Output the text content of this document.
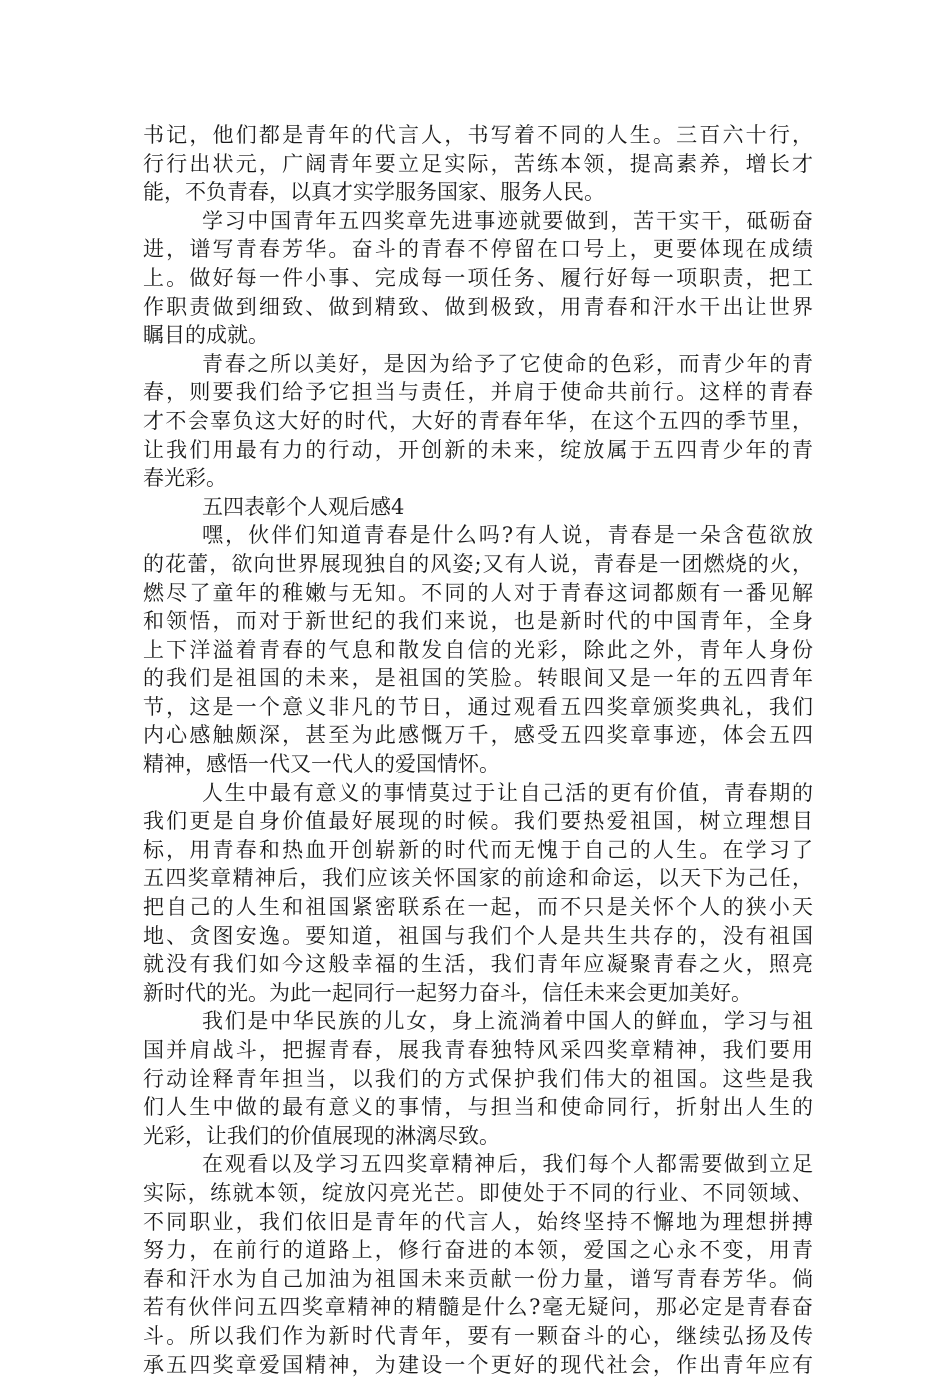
书记，他们都是青年的代言人，书写着不同的人生。三百六十行，
行行出状元，广阔青年要立足实际，苦练本领，提高素养，增长才
能，不负青春，以真才实学服务国家、服务人民。
学习中国青年五四奖章先进事迹就要做到，苦干实干，砥砺奋
进，谱写青春芳华。奋斗的青春不停留在口号上，更要体现在成绩
上。做好每一件小事、完成每一项任务、履行好每一项职责，把工
作职责做到细致、做到精致、做到极致，用青春和汗水干出让世界
瞩目的成就。
青春之所以美好，是因为给予了它使命的色彩，而青少年的青
春，则要我们给予它担当与责任，并肩于使命共前行。这样的青春
才不会辜负这大好的时代，大好的青春年华，在这个五四的季节里，
让我们用最有力的行动，开创新的未来，绽放属于五四青少年的青
春光彩。
五四表彰个人观后感4
嘿，伙伴们知道青春是什么吗?有人说，青春是一朵含苞欲放
的花蕾，欲向世界展现独自的风姿;又有人说，青春是一团燃烧的火，
燃尽了童年的稚嫩与无知。不同的人对于青春这词都颇有一番见解
和领悟，而对于新世纪的我们来说，也是新时代的中国青年，全身
上下洋溢着青春的气息和散发自信的光彩，除此之外，青年人身份
的我们是祖国的未来，是祖国的笑脸。转眼间又是一年的五四青年
节，这是一个意义非凡的节日，通过观看五四奖章颁奖典礼，我们
内心感触颇深，甚至为此感慨万千，感受五四奖章事迹，体会五四
精神，感悟一代又一代人的爱国情怀。
人生中最有意义的事情莫过于让自己活的更有价值，青春期的
我们更是自身价值最好展现的时候。我们要热爱祖国，树立理想目
标，用青春和热血开创崭新的时代而无愧于自己的人生。在学习了
五四奖章精神后，我们应该关怀国家的前途和命运，以天下为己任，
把自己的人生和祖国紧密联系在一起，而不只是关怀个人的狭小天
地、贪图安逸。要知道，祖国与我们个人是共生共存的，没有祖国
就没有我们如今这般幸福的生活，我们青年应凝聚青春之火，照亮
新时代的光。为此一起同行一起努力奋斗，信任未来会更加美好。
我们是中华民族的儿女，身上流淌着中国人的鲜血，学习与祖
国并肩战斗，把握青春，展我青春独特风采四奖章精神，我们要用
行动诠释青年担当，以我们的方式保护我们伟大的祖国。这些是我
们人生中做的最有意义的事情，与担当和使命同行，折射出人生的
光彩，让我们的价值展现的淋漓尽致。
在观看以及学习五四奖章精神后，我们每个人都需要做到立足
实际，练就本领，绽放闪亮光芒。即使处于不同的行业、不同领域、
不同职业，我们依旧是青年的代言人，始终坚持不懈地为理想拼搏
努力，在前行的道路上，修行奋进的本领，爱国之心永不变，用青
春和汗水为自己加油为祖国未来贡献一份力量，谱写青春芳华。倘
若有伙伴问五四奖章精神的精髓是什么?毫无疑问，那必定是青春奋
斗。所以我们作为新时代青年，要有一颗奋斗的心，继续弘扬及传
承五四奖章爱国精神，为建设一个更好的现代社会，作出青年应有
